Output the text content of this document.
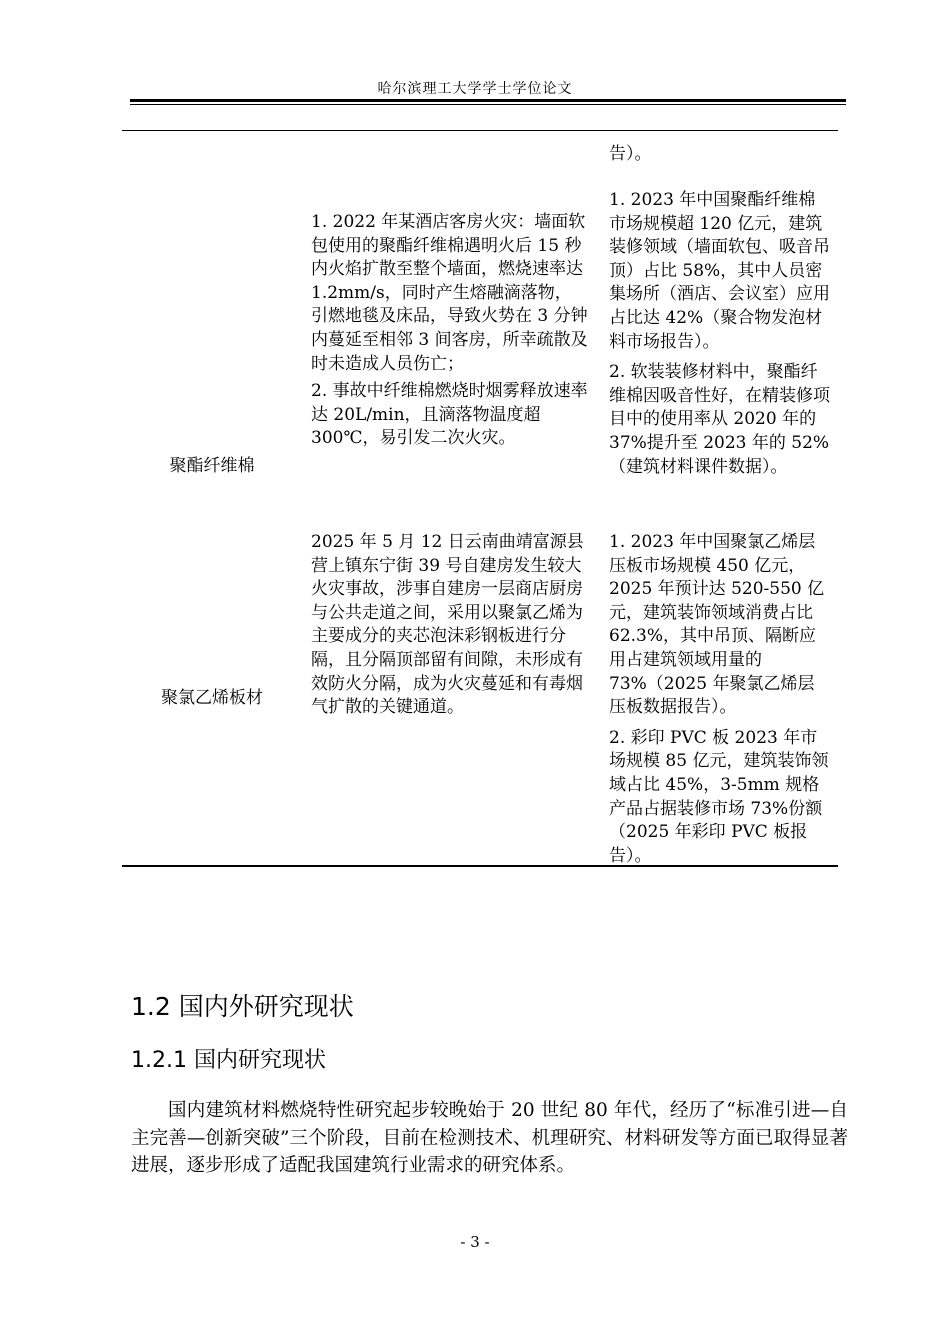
哈尔滨理工大学学士学位论文
告）。
聚酯纤维棉

1. 2022 年某酒店客房火灾：墙面软包使用的聚酯纤维棉遇明火后 15 秒内火焰扩散至整个墙面，燃烧速率达 1.2mm/s，同时产生熔融滴落物，引燃地毯及床品，导致火势在 3 分钟内蔓延至相邻 3 间客房，所幸疏散及时未造成人员伤亡；

2. 事故中纤维棉燃烧时烟雾释放速率达 20L/min，且滴落物温度超 300℃，易引发二次火灾。

1. 2023 年中国聚酯纤维棉市场规模超 120 亿元，建筑装修领域（墙面软包、吸音吊顶）占比 58%，其中人员密集场所（酒店、会议室）应用占比达 42%（聚合物发泡材料市场报告）。

2. 软装装修材料中，聚酯纤维棉因吸音性好，在精装修项目中的使用率从 2020 年的 37%提升至 2023 年的 52%（建筑材料课件数据）。

聚氯乙烯板材

2025 年 5 月 12 日云南曲靖富源县营上镇东宁街 39 号自建房发生较大火灾事故，涉事自建房一层商店厨房与公共走道之间，采用以聚氯乙烯为主要成分的夹芯泡沫彩钢板进行分隔，且分隔顶部留有间隙，未形成有效防火分隔，成为火灾蔓延和有毒烟气扩散的关键通道。

1. 2023 年中国聚氯乙烯层压板市场规模 450 亿元，2025 年预计达 520-550 亿元，建筑装饰领域消费占比 62.3%，其中吊顶、隔断应用占建筑领域用量的 73%（2025 年聚氯乙烯层压板数据报告）。

2. 彩印 PVC 板 2023 年市场规模 85 亿元，建筑装饰领域占比 45%，3-5mm 规格产品占据装修市场 73%份额（2025 年彩印 PVC 板报告）。

1.2 国内外研究现状
1.2.1 国内研究现状
国内建筑材料燃烧特性研究起步较晚始于 20 世纪 80 年代，经历了“标准引进—自主完善—创新突破”三个阶段，目前在检测技术、机理研究、材料研发等方面已取得显著进展，逐步形成了适配我国建筑行业需求的研究体系。
- 3 -
